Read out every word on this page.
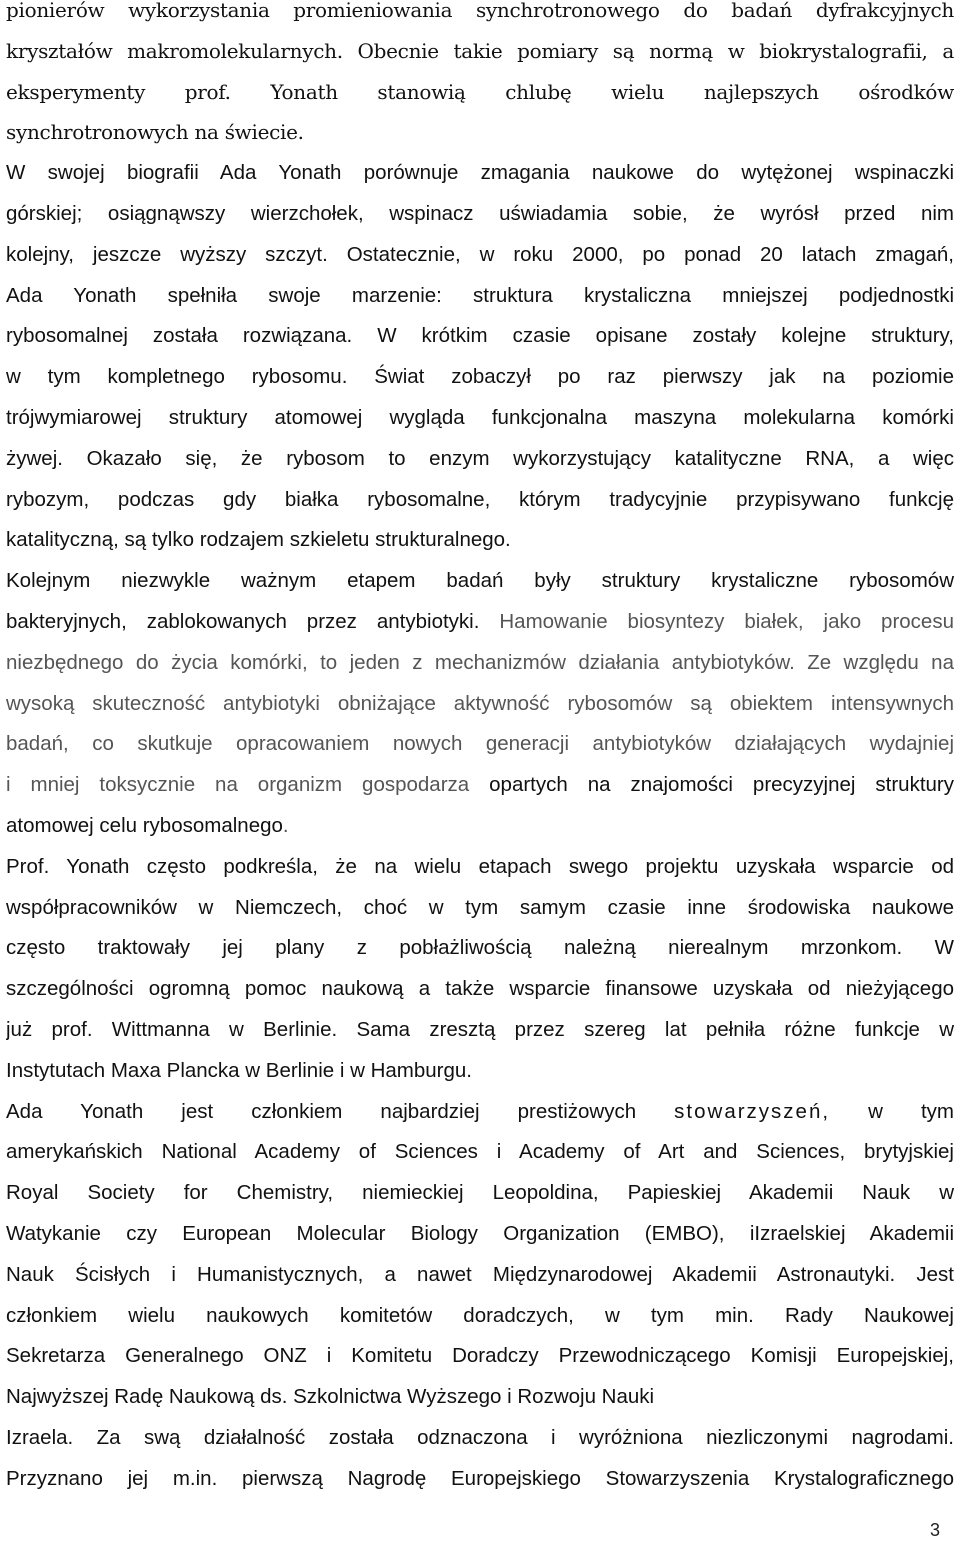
pionierów wykorzystania promieniowania synchrotronowego do badań dyfrakcyjnych
kryształów makromolekularnych. Obecnie takie pomiary są normą w biokrystalografii, a
eksperymenty prof. Yonath stanowią chlubę wielu najlepszych ośrodków
synchrotronowych na świecie.
W swojej biografii Ada Yonath porównuje zmagania naukowe do wytężonej wspinaczki
górskiej; osiągnąwszy wierzchołek, wspinacz uświadamia sobie, że wyrósł przed nim
kolejny, jeszcze wyższy szczyt. Ostatecznie, w roku 2000, po ponad 20 latach zmagań,
Ada Yonath spełniła swoje marzenie: struktura krystaliczna mniejszej podjednostki
rybosomalnej została rozwiązana. W krótkim czasie opisane zostały kolejne struktury,
w tym kompletnego rybosomu. Świat zobaczył po raz pierwszy jak na poziomie
trójwymiarowej struktury atomowej wygląda funkcjonalna maszyna molekularna komórki
żywej. Okazało się, że rybosom to enzym wykorzystujący katalityczne RNA, a więc
rybozym, podczas gdy białka rybosomalne, którym tradycyjnie przypisywano funkcję
katalityczną, są tylko rodzajem szkieletu strukturalnego.
Kolejnym niezwykle ważnym etapem badań były struktury krystaliczne rybosomów
bakteryjnych, zablokowanych przez antybiotyki. Hamowanie biosyntezy białek, jako procesu
niezbędnego do życia komórki, to jeden z mechanizmów działania antybiotyków. Ze względu na
wysoką skuteczność antybiotyki obniżające aktywność rybosomów są obiektem intensywnych
badań, co skutkuje opracowaniem nowych generacji antybiotyków działających wydajniej
i mniej toksycznie na organizm gospodarza opartych na znajomości precyzyjnej struktury
atomowej celu rybosomalnego.
Prof. Yonath często podkreśla, że na wielu etapach swego projektu uzyskała wsparcie od
współpracowników w Niemczech, choć w tym samym czasie inne środowiska naukowe
często traktowały jej plany z pobłażliwością należną nierealnym mrzonkom. W
szczególności ogromną pomoc naukową a także wsparcie finansowe uzyskała od nieżyjącego
już prof. Wittmanna w Berlinie. Sama zresztą przez szereg lat pełniła różne funkcje w
Instytutach Maxa Plancka w Berlinie i w Hamburgu.
Ada Yonath jest członkiem najbardziej prestiżowych stowarzyszeń, w tym
amerykańskich National Academy of Sciences i Academy of Art and Sciences, brytyjskiej
Royal Society for Chemistry, niemieckiej Leopoldina, Papieskiej Akademii Nauk w
Watykanie czy European Molecular Biology Organization (EMBO), iIzraelskiej Akademii
Nauk Ścisłych i Humanistycznych, a nawet Międzynarodowej Akademii Astronautyki. Jest
członkiem wielu naukowych komitetów doradczych, w tym min. Rady Naukowej
Sekretarza Generalnego ONZ i Komitetu Doradczy Przewodniczącego Komisji Europejskiej,
Najwyższej Radę Naukową ds. Szkolnictwa Wyższego i Rozwoju Nauki
Izraela. Za swą działalność została odznaczona i wyróżniona niezliczonymi nagrodami.
Przyznano jej m.in. pierwszą Nagrodę Europejskiego Stowarzyszenia Krystalograficznego
3
